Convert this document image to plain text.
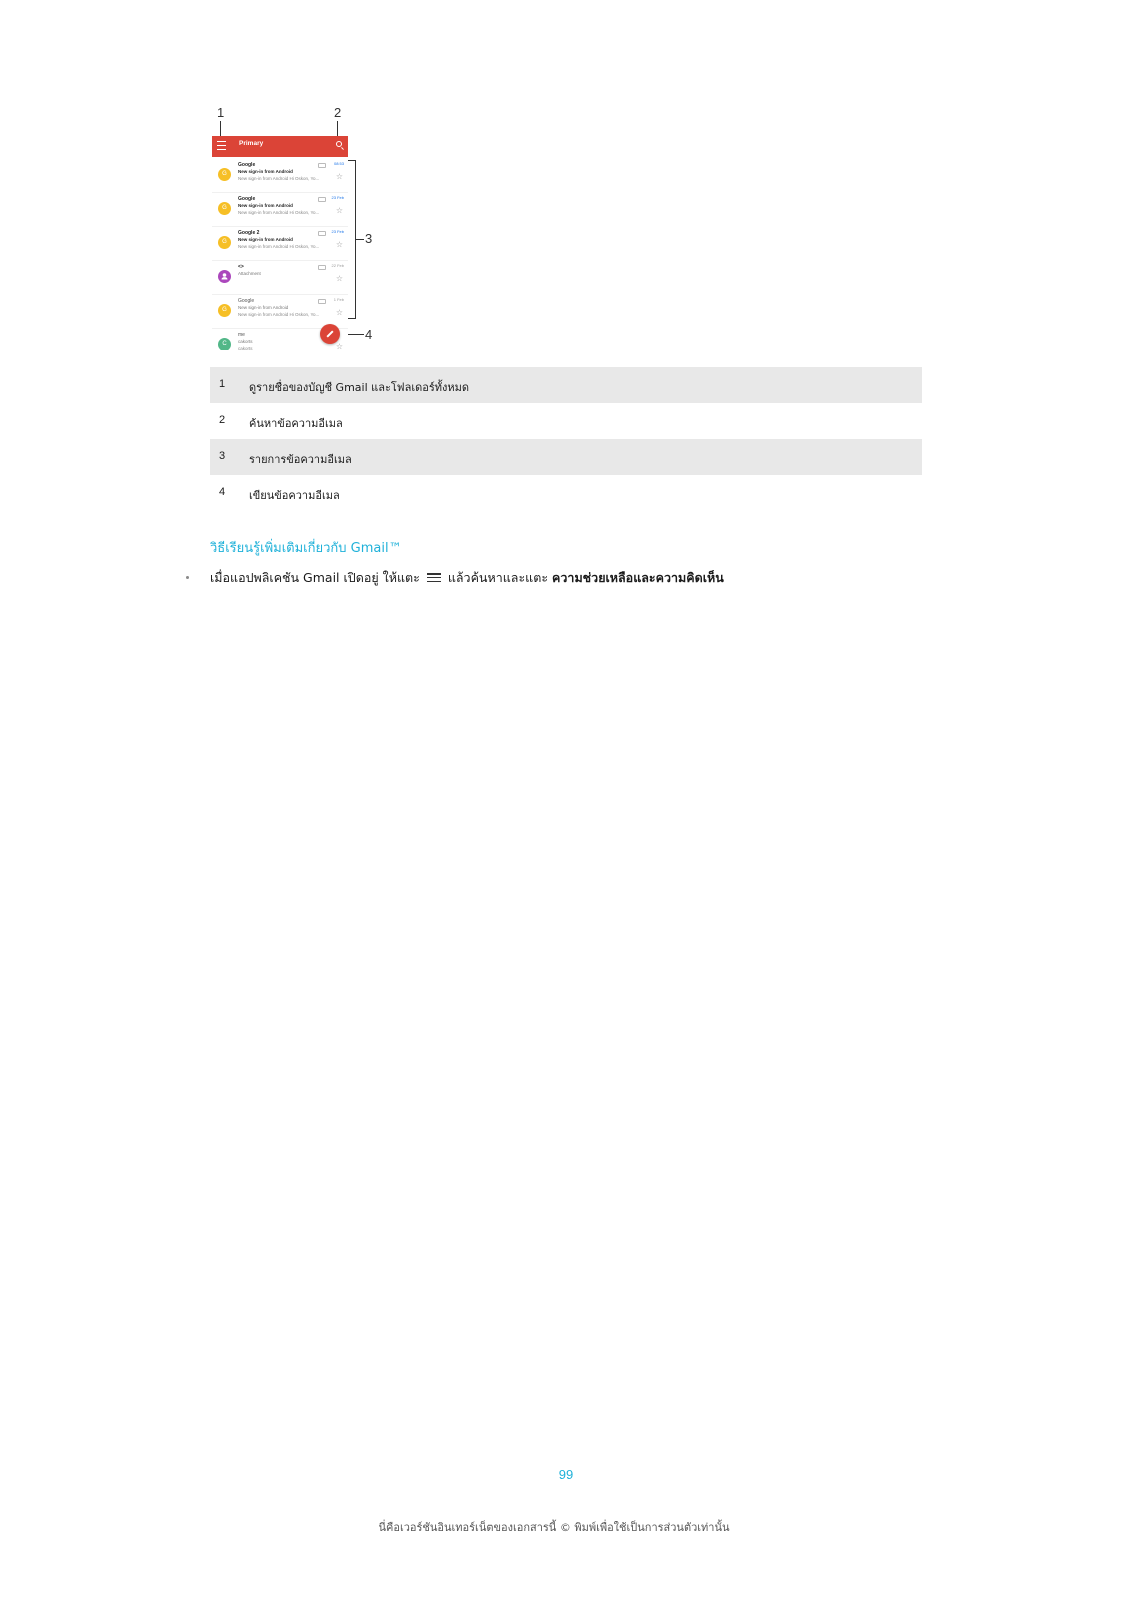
1	2
3
4
Primary
G
Google
New sign-in from Android
New sign-in from Android Hi Oskon, Yo...
08:53
☆
G
Google
New sign-in from Android
New sign-in from Android Hi Oskon, Yo...
23 Feb
☆
G
Google 2
New sign-in from Android
New sign-in from Android Hi Oskon, Yo...
23 Feb
☆
<>
Attachment
22 Feb
☆
G
Google
New sign-in from Android
New sign-in from Android Hi Oskon, Yo...
1 Feb
☆
C
me
cakorts
cakorts	☆
1 ดูรายชื่อของบัญชี Gmail และโฟลเดอร์ทั้งหมด
2 ค้นหาข้อความอีเมล
3 รายการข้อความอีเมล
4 เขียนข้อความอีเมล
วิธีเรียนรู้เพิ่มเติมเกี่ยวกับ Gmail™
เมื่อแอปพลิเคชัน Gmail เปิดอยู่ ให้แตะ แล้วค้นหาและแตะ ความช่วยเหลือและความคิดเห็น
99
นี่คือเวอร์ชันอินเทอร์เน็ตของเอกสารนี้ © พิมพ์เพื่อใช้เป็นการส่วนตัวเท่านั้น
